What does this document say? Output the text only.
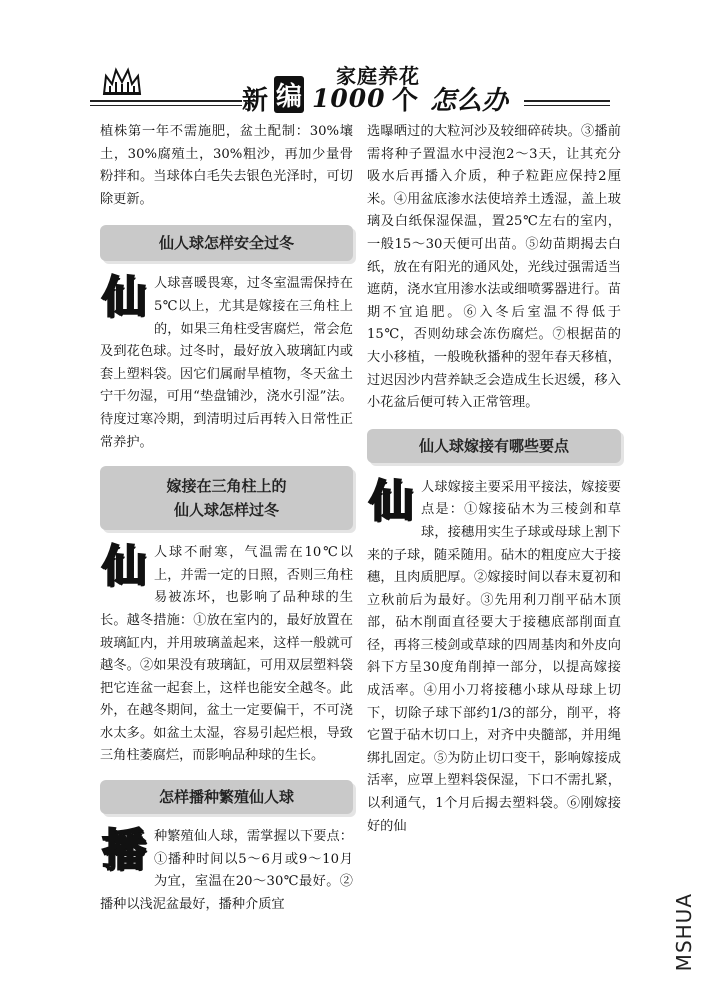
家庭养花
新 编 1000 个 怎么办

植株第一年不需施肥，盆土配制：30%壤土，30%腐殖土，30%粗沙，再加少量骨粉拌和。当球体白毛失去银色光泽时，可切除更新。

仙人球怎样安全过冬

仙人球喜暖畏寒，过冬室温需保持在5℃以上，尤其是嫁接在三角柱上的，如果三角柱受害腐烂，常会危及到花色球。过冬时，最好放入玻璃缸内或套上塑料袋。因它们属耐旱植物，冬天盆土宁干勿湿，可用“垫盘铺沙，浇水引湿”法。待度过寒冷期，到清明过后再转入日常性正常养护。

嫁接在三角柱上的
仙人球怎样过冬

仙人球不耐寒，气温需在10℃以上，并需一定的日照，否则三角柱易被冻坏，也影响了品种球的生长。越冬措施：①放在室内的，最好放置在玻璃缸内，并用玻璃盖起来，这样一般就可越冬。②如果没有玻璃缸，可用双层塑料袋把它连盆一起套上，这样也能安全越冬。此外，在越冬期间，盆土一定要偏干，不可浇水太多。如盆土太湿，容易引起烂根，导致三角柱萎腐烂，而影响品种球的生长。

怎样播种繁殖仙人球

播种繁殖仙人球，需掌握以下要点：①播种时间以5～6月或9～10月为宜，室温在20～30℃最好。②播种以浅泥盆最好，播种介质宜

选曝晒过的大粒河沙及较细碎砖块。③播前需将种子置温水中浸泡2～3天，让其充分吸水后再播入介质，种子粒距应保持2厘米。④用盆底渗水法使培养土透湿，盖上玻璃及白纸保湿保温，置25℃左右的室内，一般15～30天便可出苗。⑤幼苗期揭去白纸，放在有阳光的通风处，光线过强需适当遮荫，浇水宜用渗水法或细喷雾器进行。苗期不宜追肥。⑥入冬后室温不得低于15℃，否则幼球会冻伤腐烂。⑦根据苗的大小移植，一般晚秋播种的翌年春天移植，过迟因沙内营养缺乏会造成生长迟缓，移入小花盆后便可转入正常管理。

仙人球嫁接有哪些要点

仙人球嫁接主要采用平接法，嫁接要点是：①嫁接砧木为三棱剑和草球，接穗用实生子球或母球上割下来的子球，随采随用。砧木的粗度应大于接穗，且肉质肥厚。②嫁接时间以春末夏初和立秋前后为最好。③先用利刀削平砧木顶部，砧木削面直径要大于接穗底部削面直径，再将三棱剑或草球的四周基肉和外皮向斜下方呈30度角削掉一部分，以提高嫁接成活率。④用小刀将接穗小球从母球上切下，切除子球下部约1/3的部分，削平，将它置于砧木切口上，对齐中央髓部，并用绳绑扎固定。⑤为防止切口变干，影响嫁接成活率，应罩上塑料袋保湿，下口不需扎紧，以利通气，1个月后揭去塑料袋。⑥刚嫁接好的仙

MSHUA
